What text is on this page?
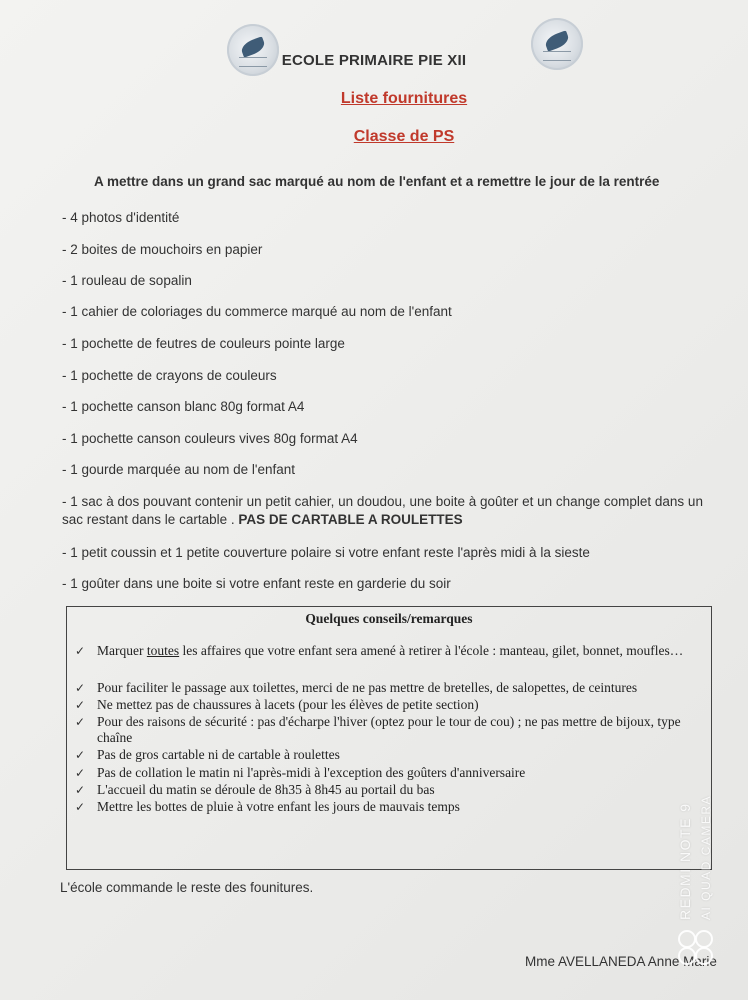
ECOLE PRIMAIRE PIE XII
Liste fournitures
Classe de PS
A mettre dans un grand sac marqué au nom de l'enfant et a remettre le jour de la rentrée
- 4 photos d'identité
- 2 boites de mouchoirs en papier
- 1 rouleau de sopalin
- 1 cahier de coloriages du commerce marqué au nom de l'enfant
- 1 pochette de feutres de couleurs pointe large
- 1 pochette de crayons de couleurs
- 1 pochette canson blanc 80g format A4
- 1 pochette canson couleurs vives 80g format A4
- 1 gourde marquée au nom de l'enfant
- 1 sac à dos pouvant contenir un petit cahier, un doudou, une boite à goûter et un change complet dans un sac restant dans le cartable . PAS DE CARTABLE A ROULETTES
- 1 petit coussin et 1 petite couverture polaire si votre enfant reste l'après midi à la sieste
- 1 goûter dans une boite si votre enfant reste en garderie du soir
Quelques conseils/remarques
✓ Marquer toutes les affaires que votre enfant sera amené à retirer à l'école : manteau, gilet, bonnet, moufles…
✓ Pour faciliter le passage aux toilettes, merci de ne pas mettre de bretelles, de salopettes, de ceintures
✓ Ne mettez pas de chaussures à lacets (pour les élèves de petite section)
✓ Pour des raisons de sécurité : pas d'écharpe l'hiver (optez pour le tour de cou) ; ne pas mettre de bijoux, type chaîne
✓ Pas de gros cartable ni de cartable à roulettes
✓ Pas de collation le matin ni l'après-midi à l'exception des goûters d'anniversaire
✓ L'accueil du matin se déroule de 8h35 à 8h45 au portail du bas
✓ Mettre les bottes de pluie à votre enfant les jours de mauvais temps
L'école commande le reste des founitures.
Mme AVELLANEDA Anne Marie
REDMI NOTE 9 AI QUAD CAMERA
